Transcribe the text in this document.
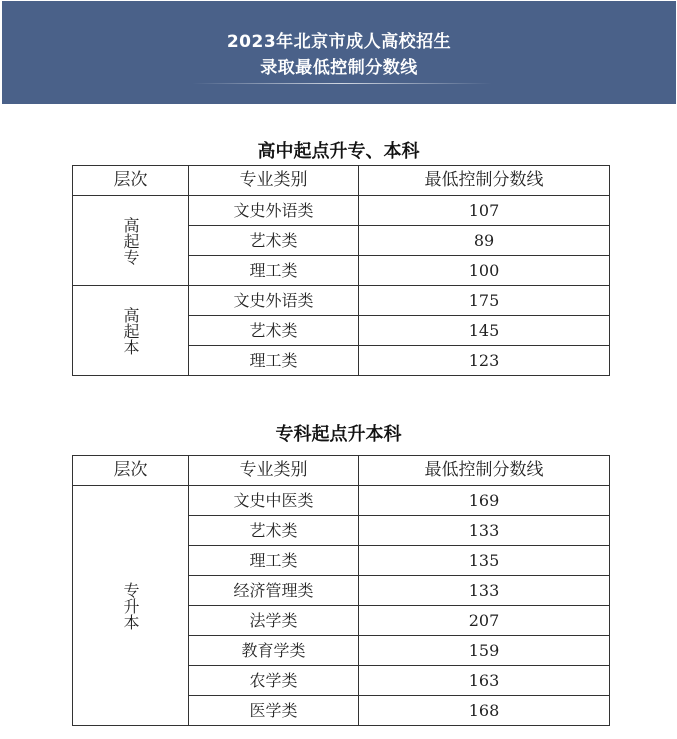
2023年北京市成人高校招生
录取最低控制分数线
高中起点升专、本科
层次	专业类别	最低控制分数线

高起专	文史外语类	107
	艺术类	89
	理工类	100

高起本	文史外语类	175
	艺术类	145
	理工类	123
专科起点升本科
层次	专业类别	最低控制分数线

专升本	文史中医类	169
	艺术类	133
	理工类	135
	经济管理类	133
	法学类	207
	教育学类	159
	农学类	163
	医学类	168
